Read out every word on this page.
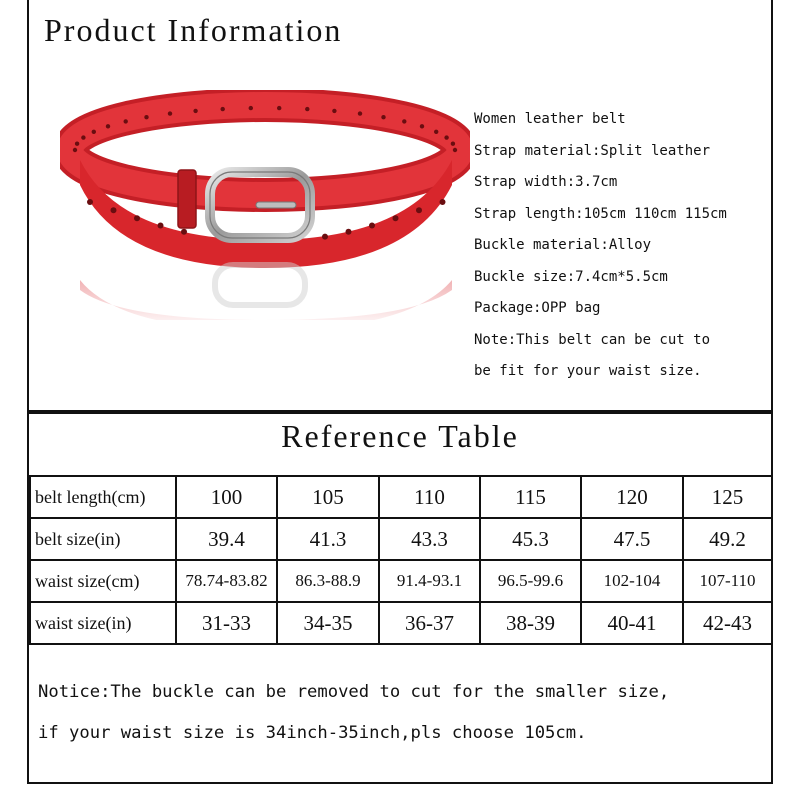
Product Information
Women leather belt
Strap material:Split leather
Strap width:3.7cm
Strap length:105cm 110cm 115cm
Buckle material:Alloy
Buckle size:7.4cm*5.5cm
Package:OPP bag
Note:This belt can be cut to
be fit for your waist size.
Reference Table
belt length(cm)	100	105	110	115	120	125
belt size(in)	39.4	41.3	43.3	45.3	47.5	49.2
waist size(cm)	78.74-83.82	86.3-88.9	91.4-93.1	96.5-99.6	102-104	107-110
waist size(in)	31-33	34-35	36-37	38-39	40-41	42-43

Notice:The buckle can be removed to cut for the smaller size,
if your waist size is 34inch-35inch,pls choose 105cm.
